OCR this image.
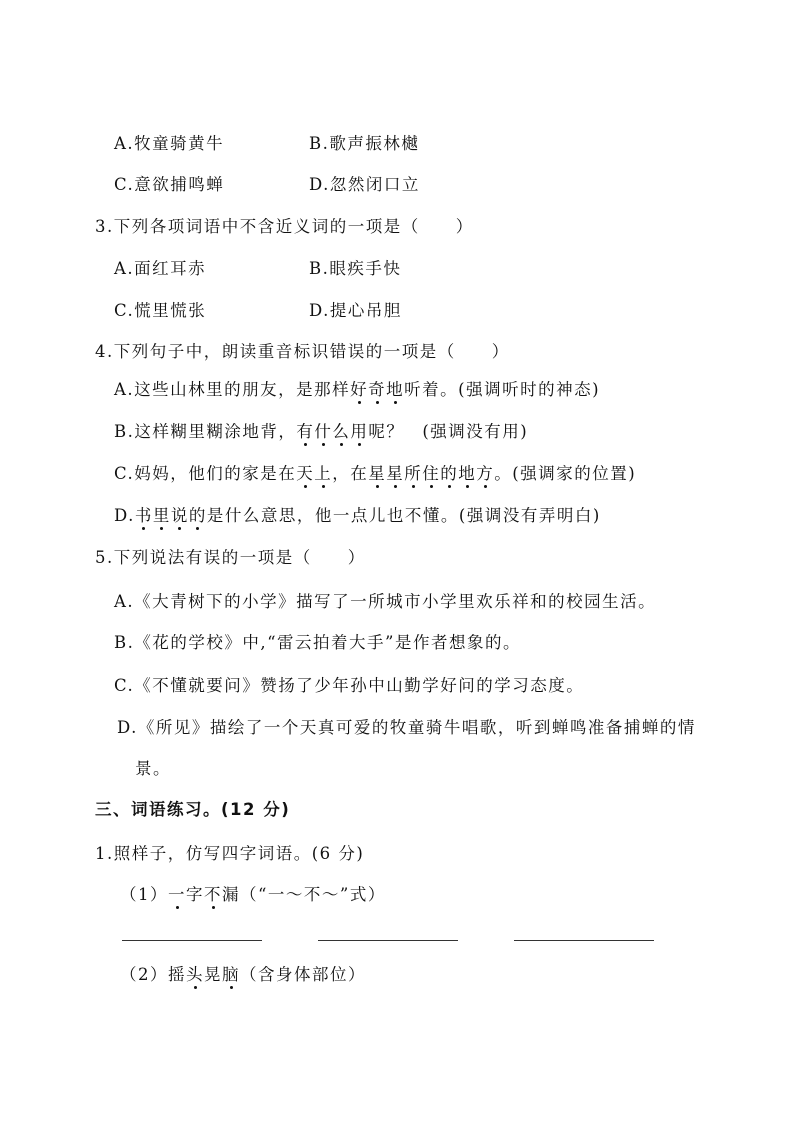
A.牧童骑黄牛	B.歌声振林樾
C.意欲捕鸣蝉	D.忽然闭口立
3.下列各项词语中不含近义词的一项是（　　）
A.面红耳赤	B.眼疾手快
C.慌里慌张	D.提心吊胆
4.下列句子中，朗读重音标识错误的一项是（　　）
A.这些山林里的朋友，是那样好奇地听着。(强调听时的神态)
B.这样糊里糊涂地背，有什么用呢？　(强调没有用)
C.妈妈，他们的家是在天上，在星星所住的地方。(强调家的位置)
D.书里说的是什么意思，他一点儿也不懂。(强调没有弄明白)
5.下列说法有误的一项是（　　）
A.《大青树下的小学》描写了一所城市小学里欢乐祥和的校园生活。
B.《花的学校》中,“雷云拍着大手”是作者想象的。
C.《不懂就要问》赞扬了少年孙中山勤学好问的学习态度。
D.《所见》描绘了一个天真可爱的牧童骑牛唱歌，听到蝉鸣准备捕蝉的情
景。
三、词语练习。(12 分)
1.照样子，仿写四字词语。(6 分)
（1）一字不漏（“一～不～”式）
（2）摇头晃脑（含身体部位）
